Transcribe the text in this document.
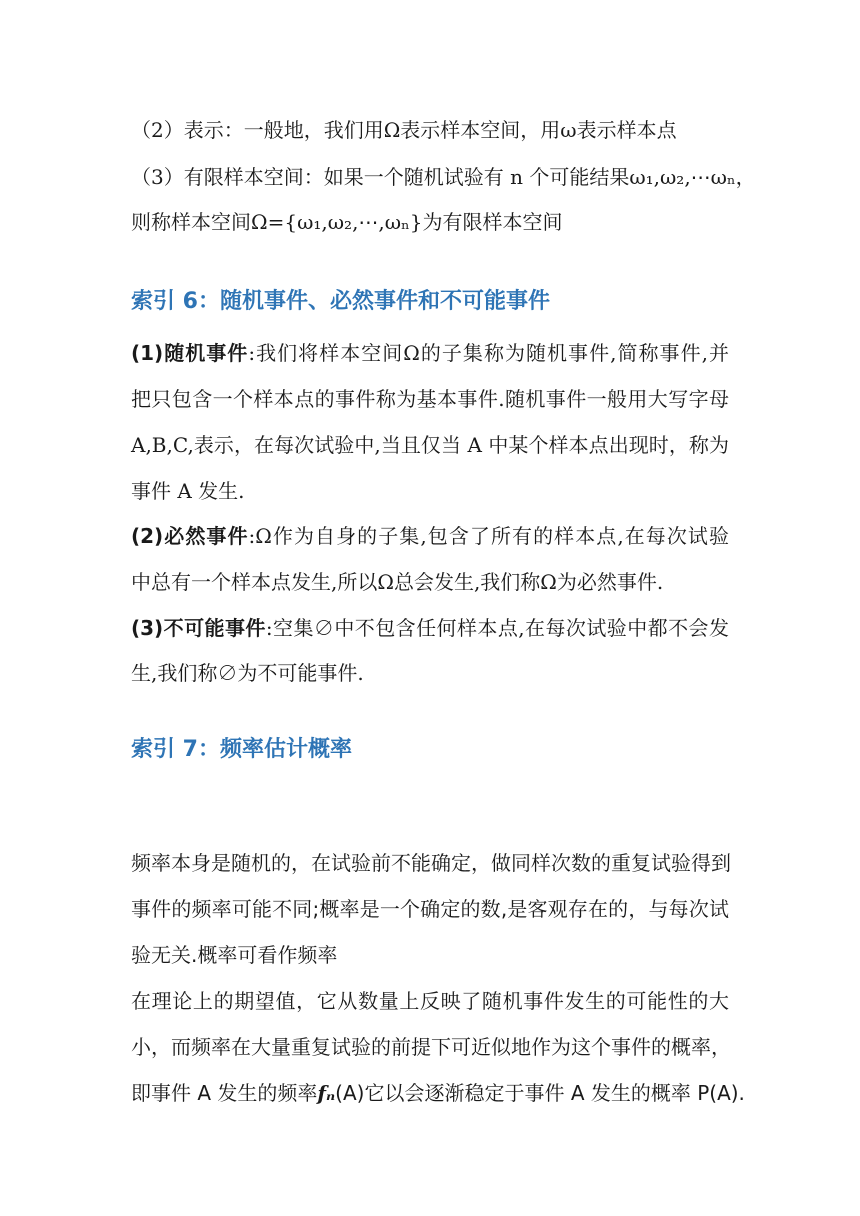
（2）表示：一般地，我们用Ω表示样本空间，用ω表示样本点
（3）有限样本空间：如果一个随机试验有 n 个可能结果ω₁,ω₂,⋯ωₙ，
则称样本空间Ω={ω₁,ω₂,⋯,ωₙ}为有限样本空间
索引 6：随机事件、必然事件和不可能事件
(1)随机事件:我们将样本空间Ω的子集称为随机事件,简称事件,并
把只包含一个样本点的事件称为基本事件.随机事件一般用大写字母
A,B,C,表示，在每次试验中,当且仅当 A 中某个样本点出现时，称为
事件 A 发生.
(2)必然事件:Ω作为自身的子集,包含了所有的样本点,在每次试验
中总有一个样本点发生,所以Ω总会发生,我们称Ω为必然事件.
(3)不可能事件:空集∅中不包含任何样本点,在每次试验中都不会发
生,我们称∅为不可能事件.
索引 7：频率估计概率
频率本身是随机的，在试验前不能确定，做同样次数的重复试验得到
事件的频率可能不同;概率是一个确定的数,是客观存在的，与每次试
验无关.概率可看作频率
在理论上的期望值，它从数量上反映了随机事件发生的可能性的大
小，而频率在大量重复试验的前提下可近似地作为这个事件的概率，
即事件 A 发生的频率fₙ(A)它以会逐渐稳定于事件 A 发生的概率 P(A).
